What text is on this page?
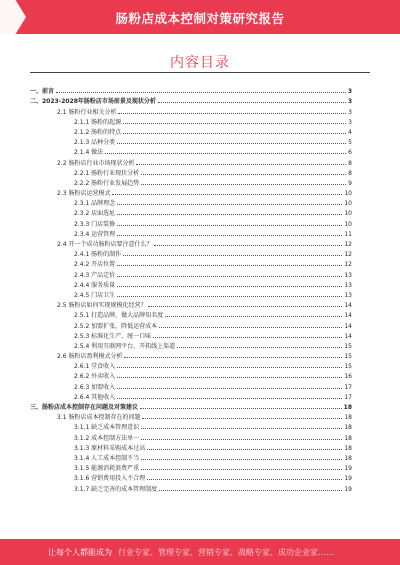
肠粉店成本控制对策研究报告
内容目录
一、前言	3
二、2023-2028年肠粉店市场前景及现状分析	3
2.1 肠粉行业相关分析	3
2.1.1 肠粉的起源	3
2.1.2 肠粉的特点	4
2.1.3 品种分类	5
2.1.4 做法	6
2.2 肠粉店行业市场现状分析	8
2.2.1 肠粉行业现状分析	8
2.2.2 肠粉行业发展趋势	9
2.3 肠粉店运营模式	10
2.3.1 品牌理念	10
2.3.2 店面选址	10
2.3.3 门店装修	10
2.3.4 运营管理	11
2.4 开一个成功肠粉店要注意什么？	12
2.4.1 肠粉的制作	12
2.4.2 开店位置	12
2.4.3 产品定价	13
2.4.4 服务质量	13
2.4.5 门店卫生	13
2.5 肠粉店如何实现规模化经营？	14
2.5.1 打造品牌，做大品牌知名度	14
2.5.2 加盟扩张，降低运营成本	14
2.5.3 标准化生产，统一口味	14
2.5.4 利用互联网平台，开拓线上渠道	15
2.6 肠粉店盈利模式分析	15
2.6.1 堂食收入	15
2.6.2 外卖收入	16
2.6.3 加盟收入	17
2.6.4 其他收入	17
三、肠粉店成本控制存在问题及对策建议	18
3.1 肠粉店成本控制存在的问题	18
3.1.1 缺乏成本管理意识	18
3.1.2 成本控制方法单一	18
3.1.3 原材料采购成本过高	18
3.1.4 人工成本控制不当	18
3.1.5 能源消耗浪费严重	19
3.1.6 营销费用投入不合理	19
3.1.7 缺乏完善的成本管理制度	19
让每个人都能成为 行业专家、管理专家、营销专家、战略专家、成功企业家……
